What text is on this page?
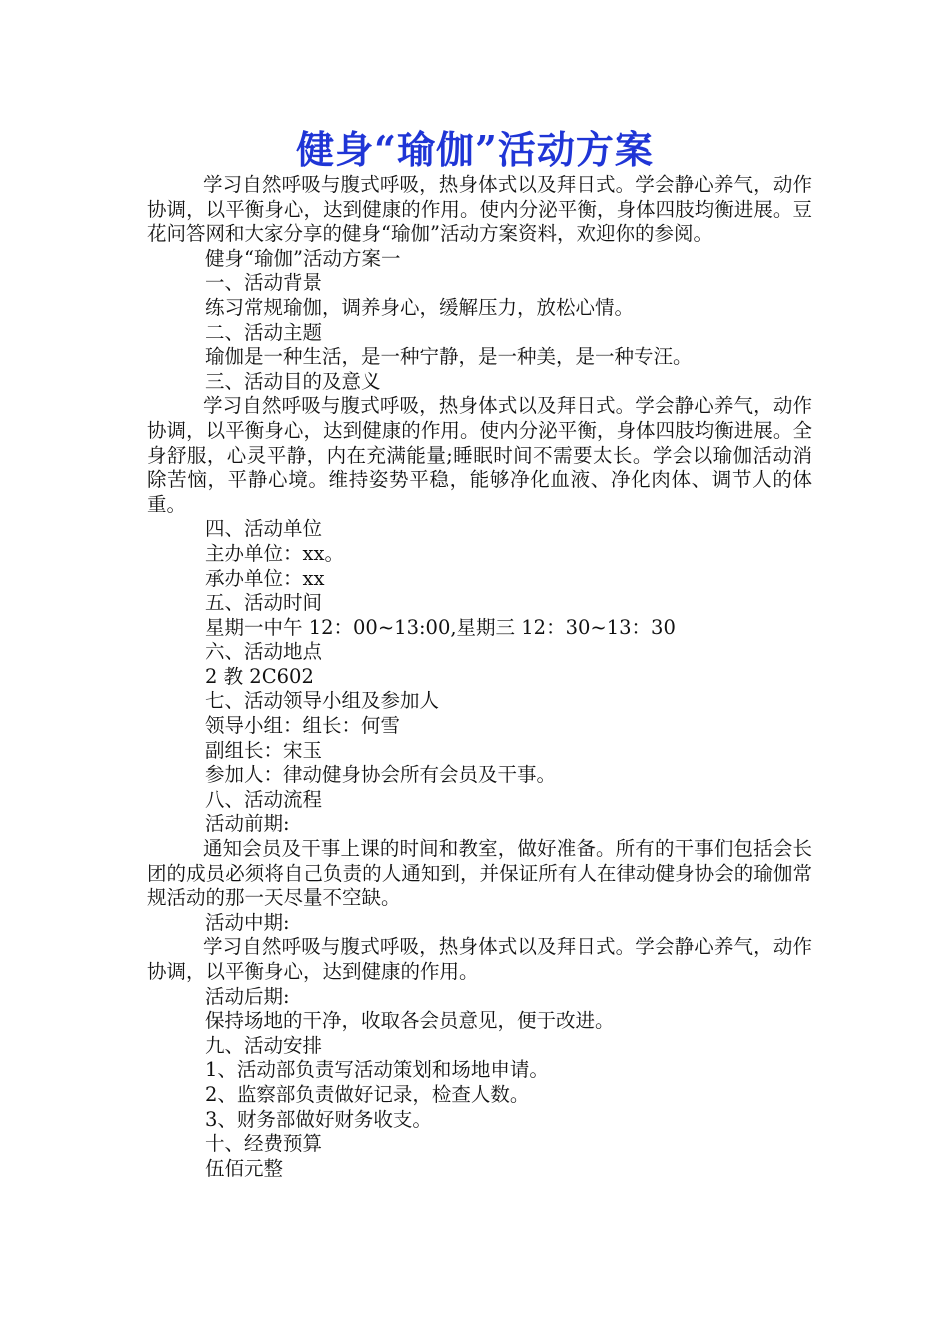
健身“瑜伽”活动方案

学习自然呼吸与腹式呼吸，热身体式以及拜日式。学会静心养气，动作协调，以平衡身心，达到健康的作用。使内分泌平衡，身体四肢均衡进展。豆花问答网和大家分享的健身“瑜伽”活动方案资料，欢迎你的参阅。

健身“瑜伽”活动方案一

一、活动背景

练习常规瑜伽，调养身心，缓解压力，放松心情。

二、活动主题

瑜伽是一种生活，是一种宁静，是一种美，是一种专汪。

三、活动目的及意义

学习自然呼吸与腹式呼吸，热身体式以及拜日式。学会静心养气，动作协调，以平衡身心，达到健康的作用。使内分泌平衡，身体四肢均衡进展。全身舒服，心灵平静，内在充满能量;睡眠时间不需要太长。学会以瑜伽活动消除苦恼，平静心境。维持姿势平稳，能够净化血液、净化肉体、调节人的体重。

四、活动单位

主办单位：xx。

承办单位：xx

五、活动时间

星期一中午 12：00~13:00,星期三 12：30~13：30

六、活动地点

2 教 2C602

七、活动领导小组及参加人

领导小组：组长：何雪

副组长：宋玉

参加人：律动健身协会所有会员及干事。

八、活动流程

活动前期:

通知会员及干事上课的时间和教室，做好准备。所有的干事们包括会长团的成员必须将自己负责的人通知到，并保证所有人在律动健身协会的瑜伽常规活动的那一天尽量不空缺。

活动中期:

学习自然呼吸与腹式呼吸，热身体式以及拜日式。学会静心养气，动作协调，以平衡身心，达到健康的作用。

活动后期:

保持场地的干净，收取各会员意见，便于改进。

九、活动安排

1、活动部负责写活动策划和场地申请。

2、监察部负责做好记录，检查人数。

3、财务部做好财务收支。

十、经费预算

伍佰元整
